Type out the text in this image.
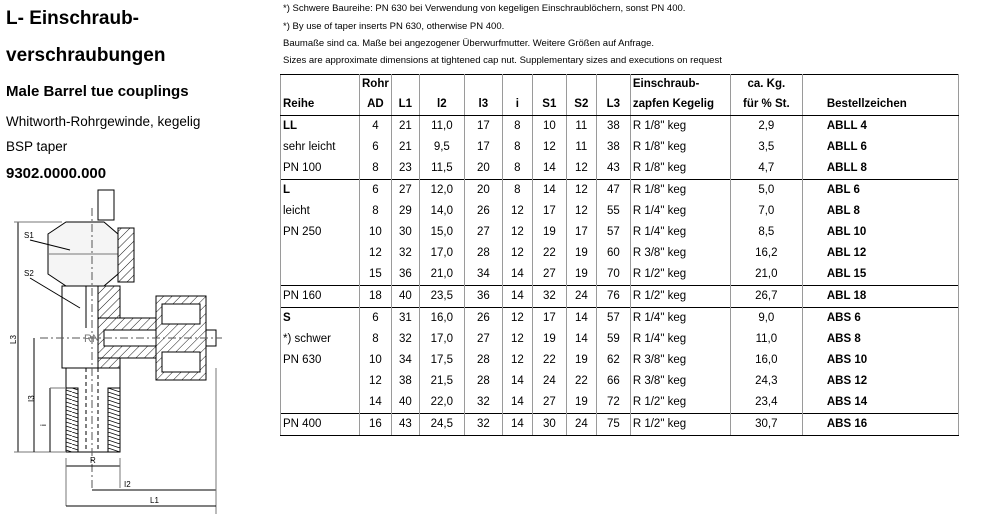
L- Einschraub-
verschraubungen
Male Barrel tue couplings
Whitworth-Rohrgewinde, kegelig
BSP taper
9302.0000.000
S1
S2
RN
L3
I3
i
R
I2
L1
*) Schwere Baureihe: PN 630 bei Verwendung von kegeligen Einschraublöchern, sonst PN 400.
*) By use of taper inserts PN 630, otherwise PN 400.
Baumaße sind ca. Maße bei angezogener Überwurfmutter. Weitere Größen auf Anfrage.
Sizes are approximate dimensions at tightened cap nut. Supplementary sizes and executions on request
	Rohr								Einschraub-	ca. Kg.	
Reihe	AD	L1	l2	l3	i	S1	S2	L3	zapfen Kegelig	für % St.	Bestellzeichen
LL	4	21	11,0	17	8	10	11	38	R 1/8" keg	2,9	ABLL 4
sehr leicht	6	21	9,5	17	8	12	11	38	R 1/8" keg	3,5	ABLL 6
PN 100	8	23	11,5	20	8	14	12	43	R 1/8" keg	4,7	ABLL 8
L	6	27	12,0	20	8	14	12	47	R 1/8" keg	5,0	ABL 6
leicht	8	29	14,0	26	12	17	12	55	R 1/4" keg	7,0	ABL 8
PN 250	10	30	15,0	27	12	19	17	57	R 1/4" keg	8,5	ABL 10
	12	32	17,0	28	12	22	19	60	R 3/8" keg	16,2	ABL 12
	15	36	21,0	34	14	27	19	70	R 1/2" keg	21,0	ABL 15
PN 160	18	40	23,5	36	14	32	24	76	R 1/2" keg	26,7	ABL 18
S	6	31	16,0	26	12	17	14	57	R 1/4" keg	9,0	ABS 6
*) schwer	8	32	17,0	27	12	19	14	59	R 1/4" keg	11,0	ABS 8
PN 630	10	34	17,5	28	12	22	19	62	R 3/8" keg	16,0	ABS 10
	12	38	21,5	28	14	24	22	66	R 3/8" keg	24,3	ABS 12
	14	40	22,0	32	14	27	19	72	R 1/2" keg	23,4	ABS 14
PN 400	16	43	24,5	32	14	30	24	75	R 1/2" keg	30,7	ABS 16
